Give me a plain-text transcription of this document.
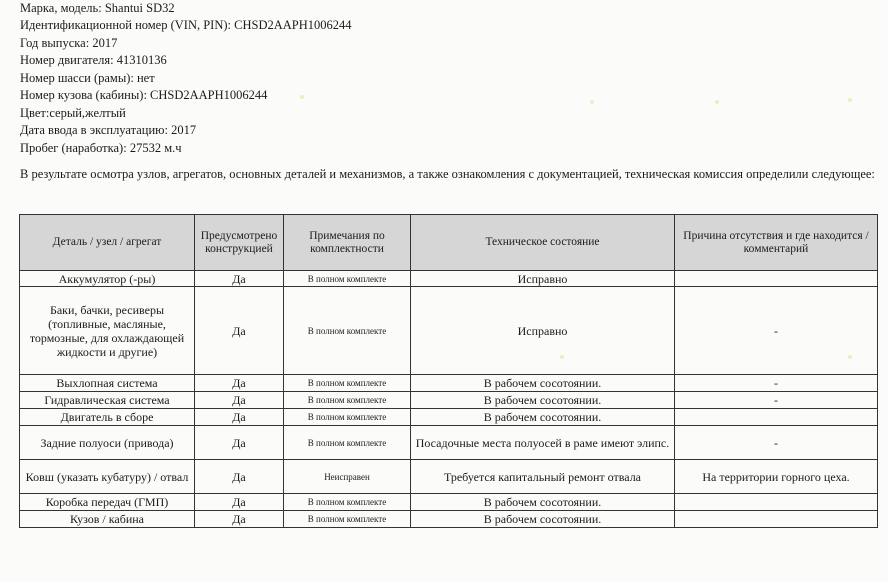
Марка, модель: Shantui SD32
Идентификационной номер (VIN, PIN): CHSD2AAPH1006244
Год выпуска: 2017
Номер двигателя: 41310136
Номер шасси (рамы): нет
Номер кузова (кабины): CHSD2AAPH1006244
Цвет:серый,желтый
Дата ввода в эксплуатацию: 2017
Пробег (наработка): 27532 м.ч
В результате осмотра узлов, агрегатов, основных деталей и механизмов, а также ознакомления с документацией, техническая комиссия определили следующее:
Деталь / узел / агрегат	Предусмотрено конструкцией	Примечания по комплектности	Техническое состояние	Причина отсутствия и где находится / комментарий
Аккумулятор (-ры)	Да	В полном комплекте	Исправно	
Баки, бачки, ресиверы (топливные, масляные, тормозные, для охлаждающей жидкости и другие)	Да	В полном комплекте	Исправно	-
Выхлопная система	Да	В полном комплекте	В рабочем сосотоянии.	-
Гидравлическая система	Да	В полном комплекте	В рабочем сосотоянии.	-
Двигатель в сборе	Да	В полном комплекте	В рабочем сосотоянии.	
Задние полуоси (привода)	Да	В полном комплекте	Посадочные места полуосей в раме имеют элипс.	-
Ковш (указать кубатуру) / отвал	Да	Неисправен	Требуется капитальный ремонт отвала	На территории горного цеха.
Коробка передач (ГМП)	Да	В полном комплекте	В рабочем сосотоянии.	
Кузов / кабина	Да	В полном комплекте	В рабочем сосотоянии.	
